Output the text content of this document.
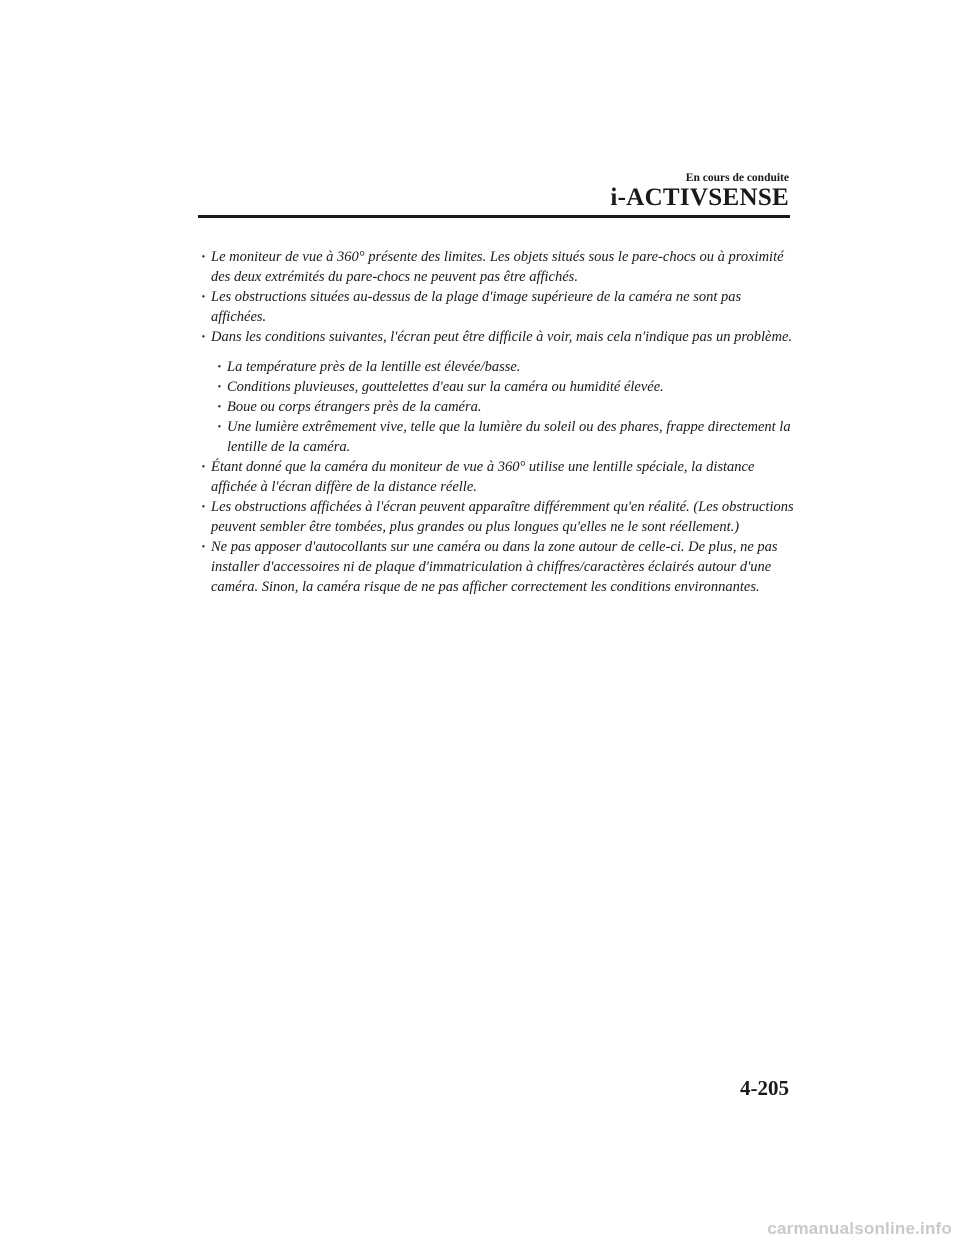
En cours de conduite
i-ACTIVSENSE

· Le moniteur de vue à 360° présente des limites. Les objets situés sous le pare-chocs ou à proximité des deux extrémités du pare-chocs ne peuvent pas être affichés.

· Les obstructions situées au-dessus de la plage d'image supérieure de la caméra ne sont pas affichées.

· Dans les conditions suivantes, l'écran peut être difficile à voir, mais cela n'indique pas un problème.

· La température près de la lentille est élevée/basse.

· Conditions pluvieuses, gouttelettes d'eau sur la caméra ou humidité élevée.

· Boue ou corps étrangers près de la caméra.

· Une lumière extrêmement vive, telle que la lumière du soleil ou des phares, frappe directement la lentille de la caméra.

· Étant donné que la caméra du moniteur de vue à 360° utilise une lentille spéciale, la distance affichée à l'écran diffère de la distance réelle.

· Les obstructions affichées à l'écran peuvent apparaître différemment qu'en réalité. (Les obstructions peuvent sembler être tombées, plus grandes ou plus longues qu'elles ne le sont réellement.)

· Ne pas apposer d'autocollants sur une caméra ou dans la zone autour de celle-ci. De plus, ne pas installer d'accessoires ni de plaque d'immatriculation à chiffres/caractères éclairés autour d'une caméra. Sinon, la caméra risque de ne pas afficher correctement les conditions environnantes.

4-205
carmanualsonline.info
